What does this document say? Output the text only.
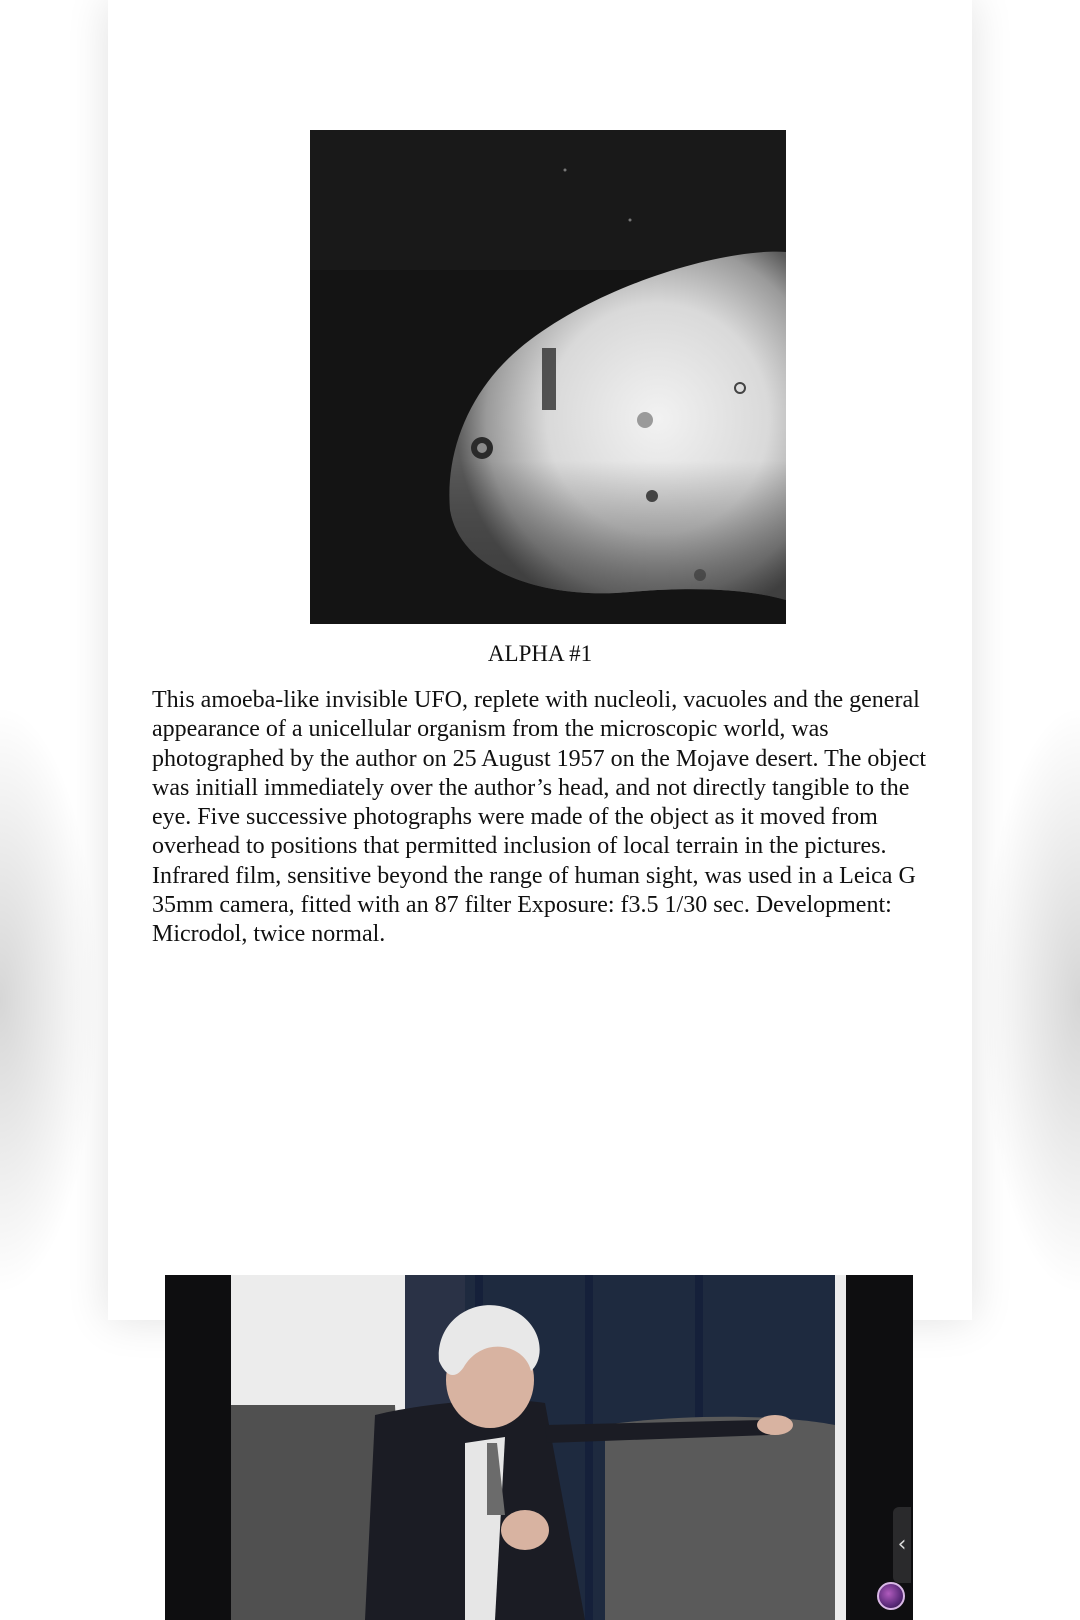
ALPHA #1

This amoeba-like invisible UFO, replete with nucleoli, vacuoles and the general appearance of a unicellular organism from the microscopic world, was photographed by the author on 25 August 1957 on the Mojave desert. The object was initiall immediately over the author’s head, and not directly tangible to the eye. Five successive photographs were made of the object as it moved from overhead to positions that permitted inclusion of local terrain in the pictures. Infrared film, sensitive beyond the range of human sight, was used in a Leica G 35mm camera, fitted with an 87 filter Exposure: f3.5 1/30 sec. Development: Microdol, twice normal.

‹
